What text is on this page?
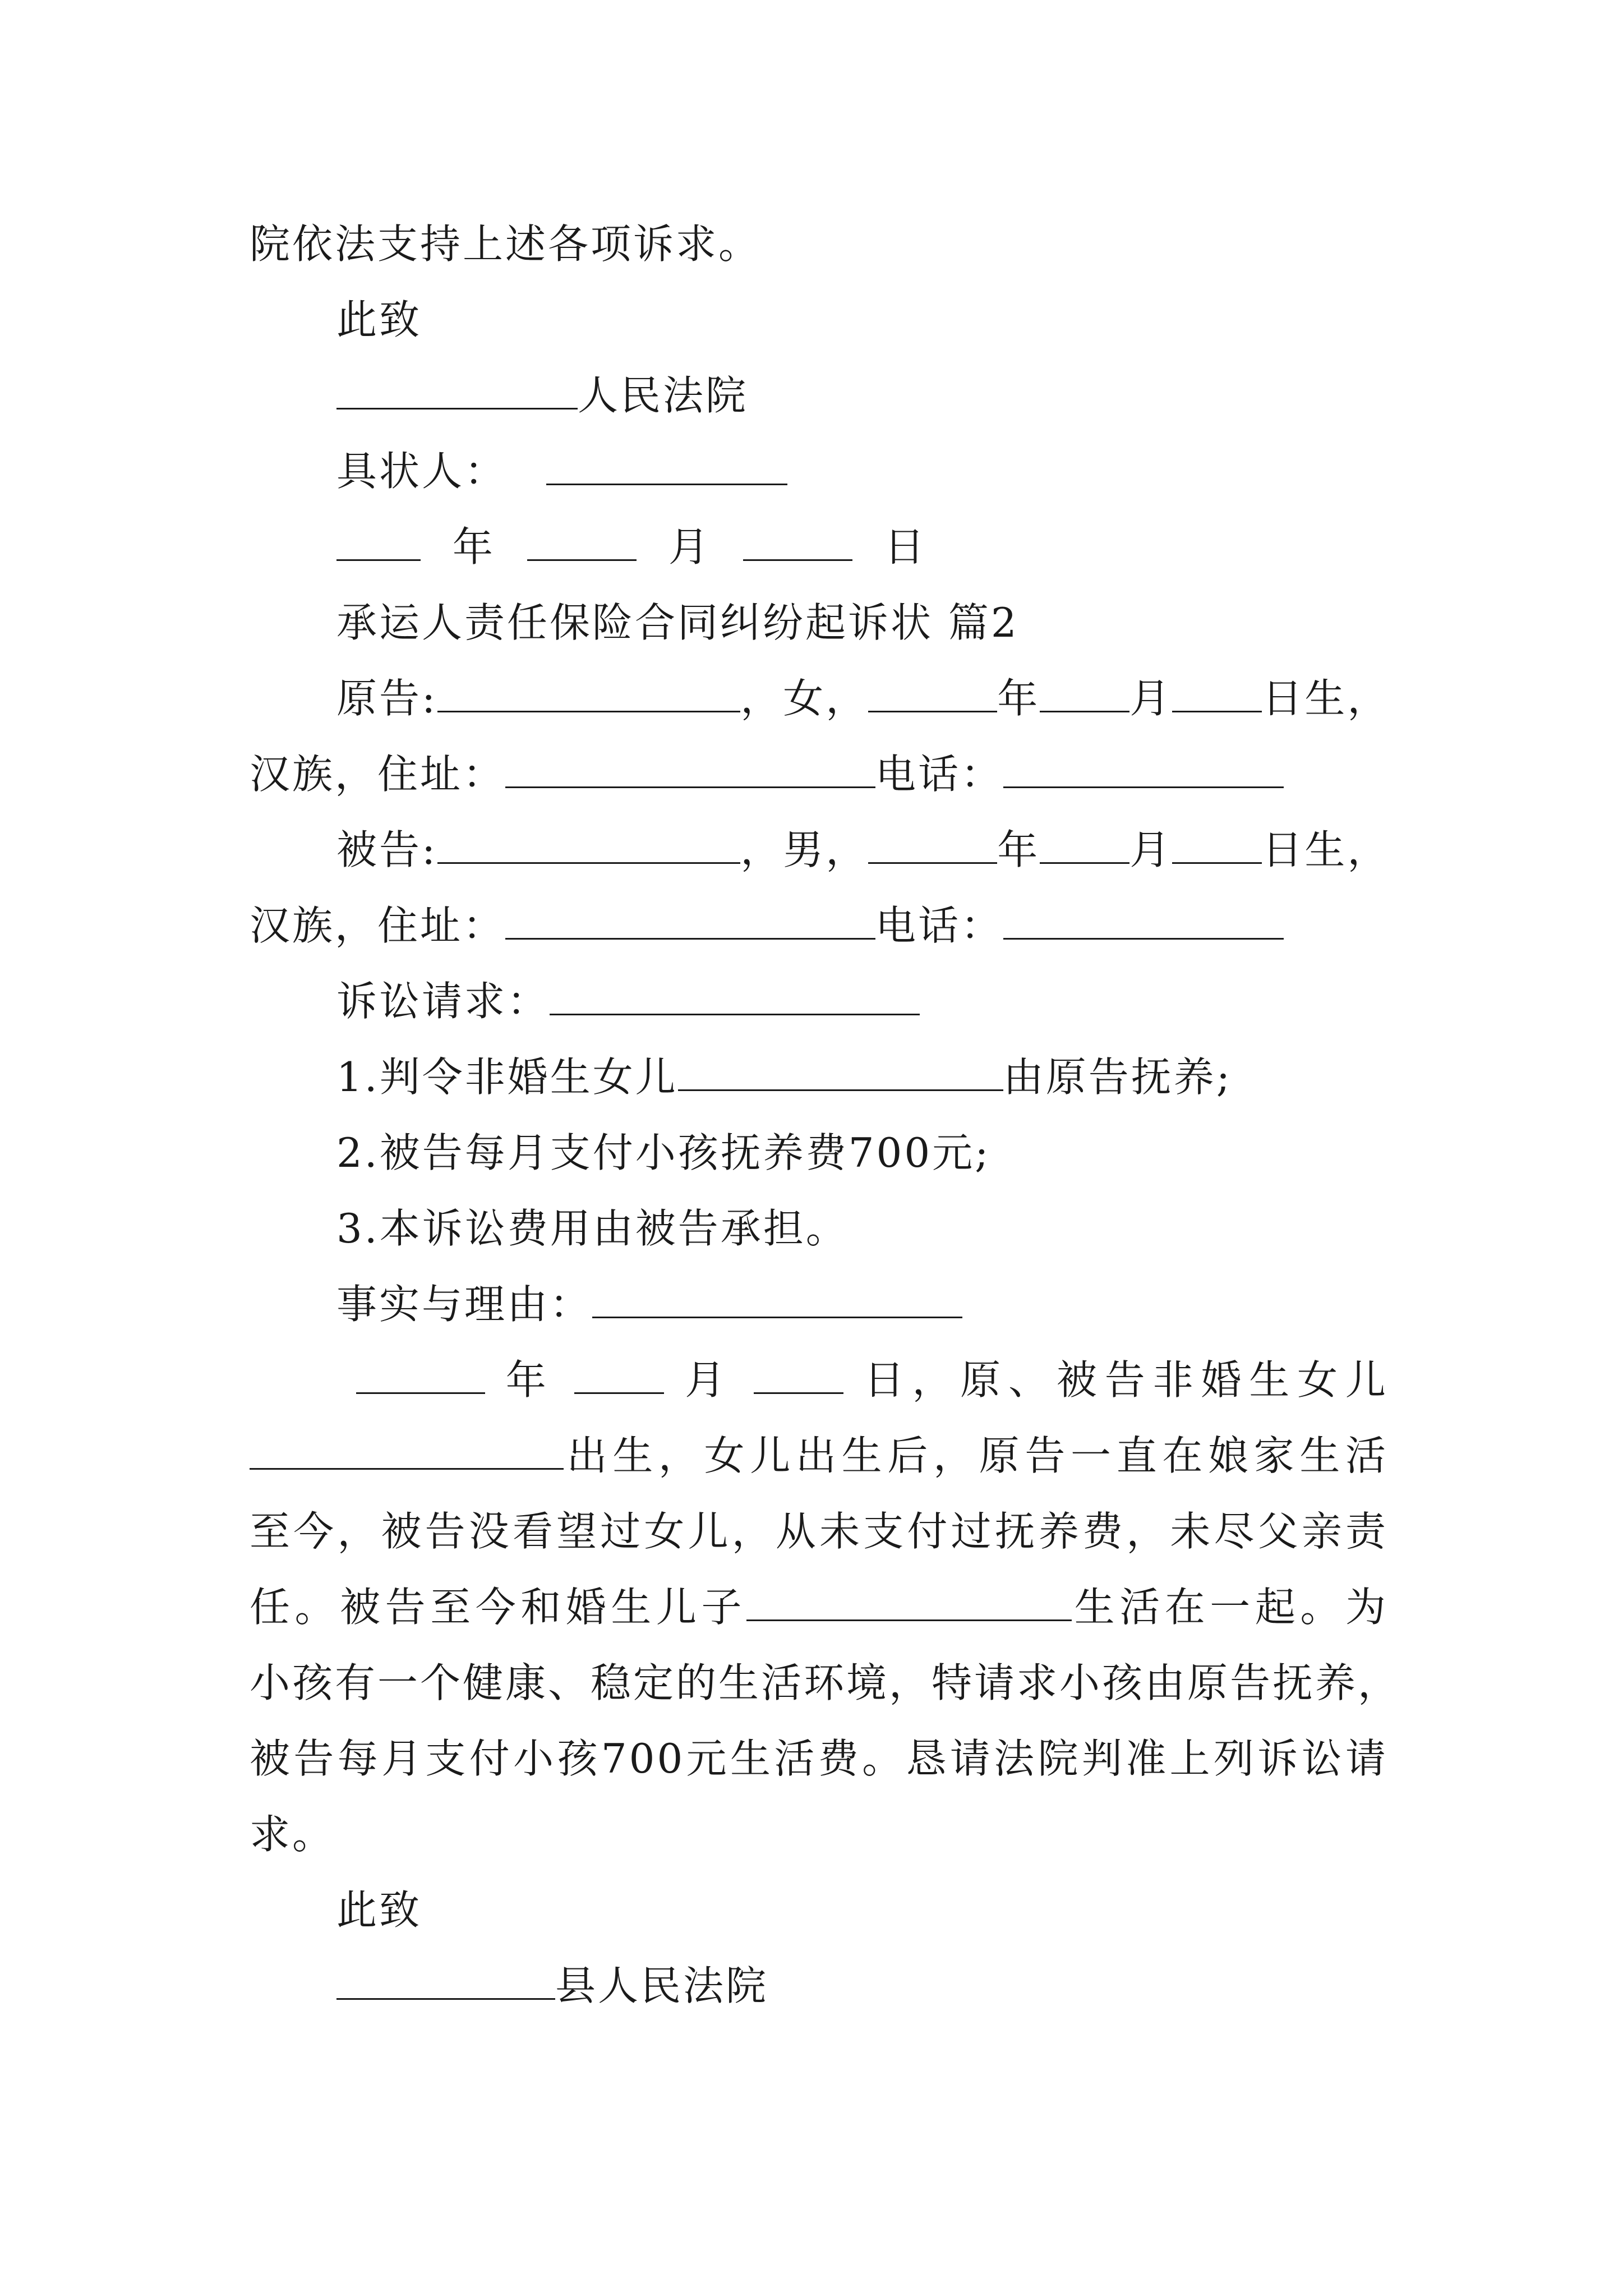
院依法支持上述各项诉求。
此致
人民法院
具状人：
年	月	日
承运人责任保险合同纠纷起诉状 篇2
原告:	，女，	年 月 日生，
汉族，住址：	电话：
被告:	，男，	年 月 日生，
汉族，住址：	电话：
诉讼请求：
1.判令非婚生女儿	由原告抚养;
2.被告每月支付小孩抚养费700元;
3.本诉讼费用由被告承担。
事实与理由：
年	月	日，原、被告非婚生女儿
出生，女儿出生后，原告一直在娘家生活
至今，被告没看望过女儿，从未支付过抚养费，未尽父亲责
任。被告至今和婚生儿子	生活在一起。为
小孩有一个健康、稳定的生活环境，特请求小孩由原告抚养，
被告每月支付小孩700元生活费。恳请法院判准上列诉讼请
求。
此致
县人民法院
